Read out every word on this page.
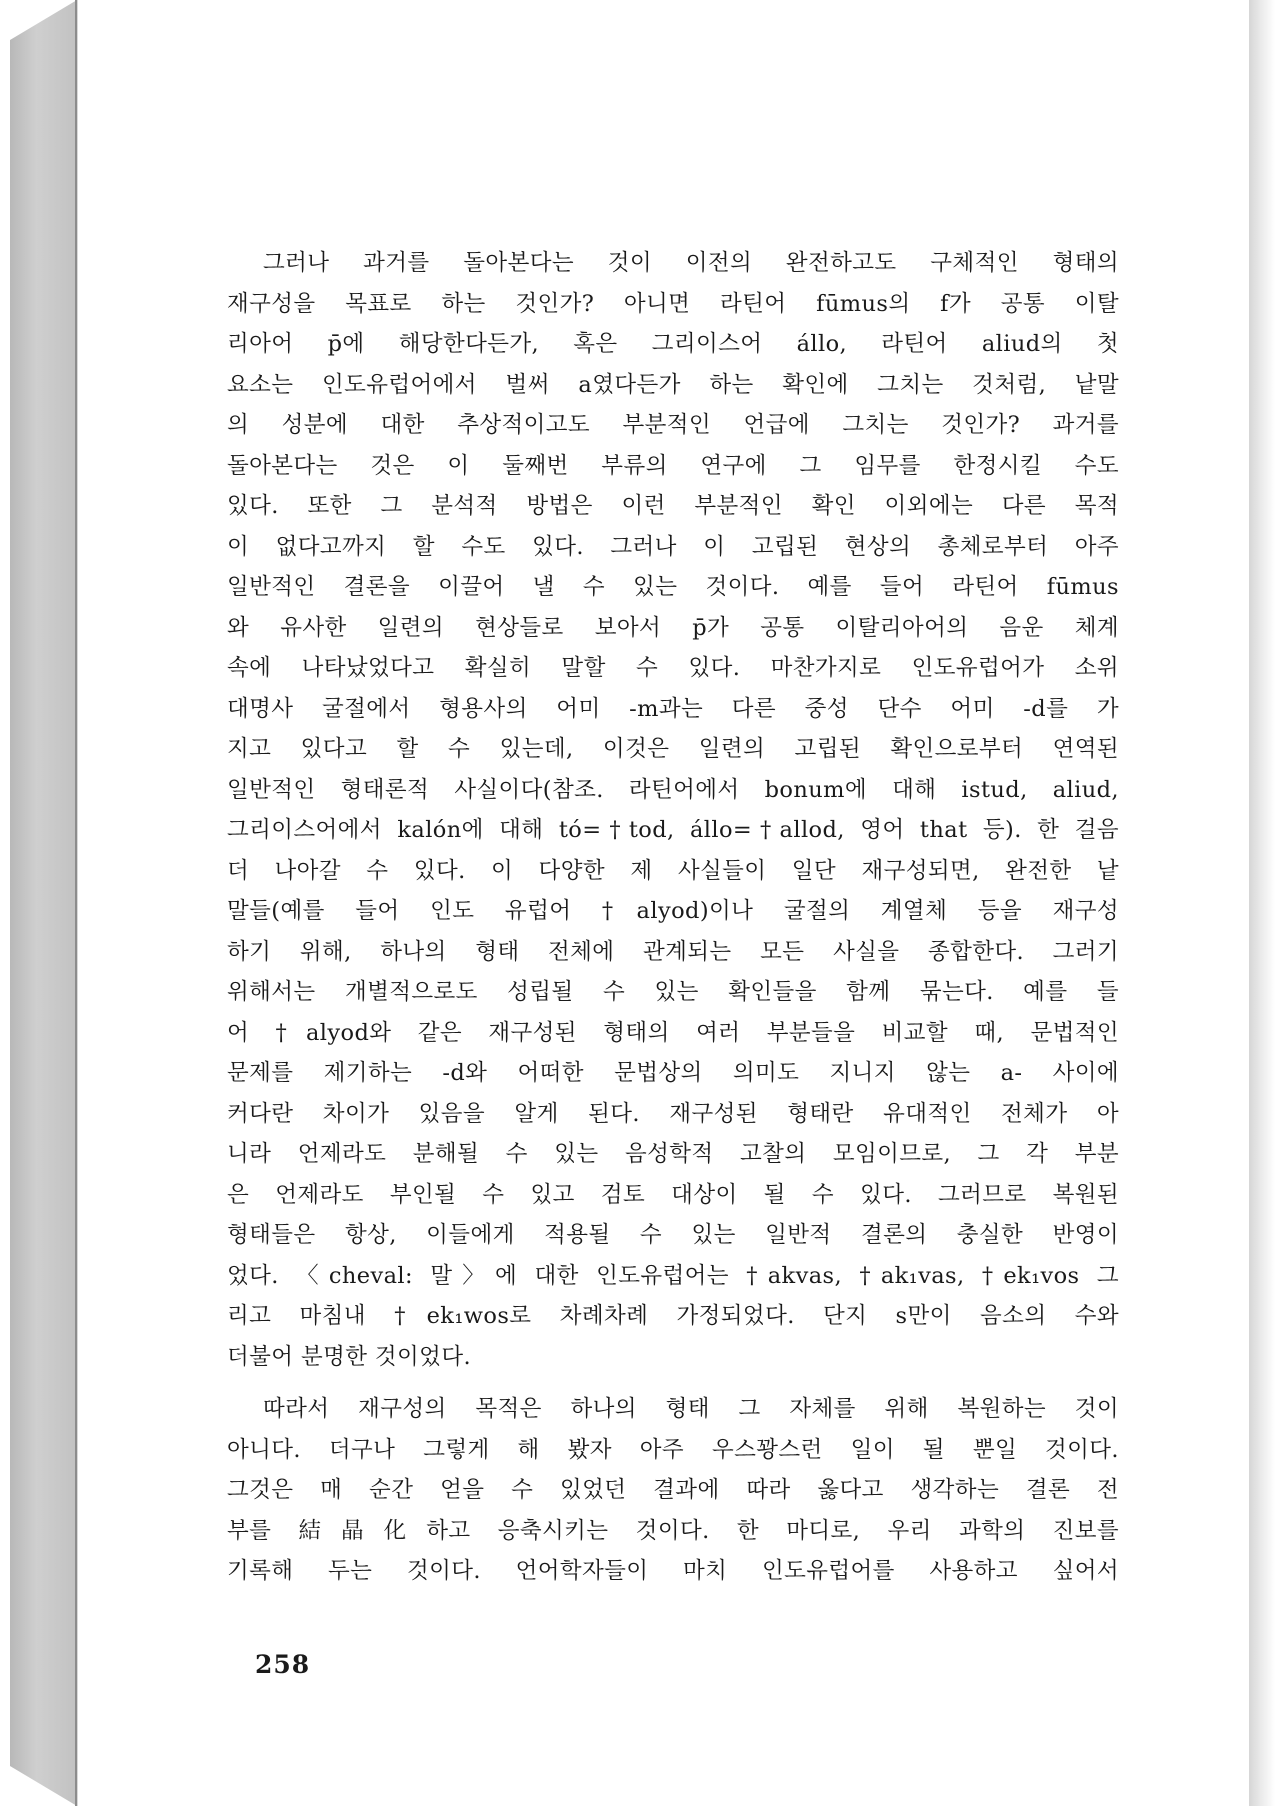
그러나 과거를 돌아본다는 것이 이전의 완전하고도 구체적인 형태의
재구성을 목표로 하는 것인가? 아니면 라틴어 fūmus의 f가 공통 이탈
리아어 p̄에 해당한다든가, 혹은 그리이스어 állo, 라틴어 aliud의 첫
요소는 인도유럽어에서 벌써 a였다든가 하는 확인에 그치는 것처럼, 낱말
의 성분에 대한 추상적이고도 부분적인 언급에 그치는 것인가? 과거를
돌아본다는 것은 이 둘째번 부류의 연구에 그 임무를 한정시킬 수도
있다. 또한 그 분석적 방법은 이런 부분적인 확인 이외에는 다른 목적
이 없다고까지 할 수도 있다. 그러나 이 고립된 현상의 총체로부터 아주
일반적인 결론을 이끌어 낼 수 있는 것이다. 예를 들어 라틴어 fūmus
와 유사한 일련의 현상들로 보아서 p̄가 공통 이탈리아어의 음운 체계
속에 나타났었다고 확실히 말할 수 있다. 마찬가지로 인도유럽어가 소위
대명사 굴절에서 형용사의 어미 -m과는 다른 중성 단수 어미 -d를 가
지고 있다고 할 수 있는데, 이것은 일련의 고립된 확인으로부터 연역된
일반적인 형태론적 사실이다(참조. 라틴어에서 bonum에 대해 istud, aliud,
그리이스어에서 kalón에 대해 tó=†tod, állo=†allod, 영어 that 등). 한 걸음
더 나아갈 수 있다. 이 다양한 제 사실들이 일단 재구성되면, 완전한 낱
말들(예를 들어 인도 유럽어 †alyod)이나 굴절의 계열체 등을 재구성
하기 위해, 하나의 형태 전체에 관계되는 모든 사실을 종합한다. 그러기
위해서는 개별적으로도 성립될 수 있는 확인들을 함께 묶는다. 예를 들
어 †alyod와 같은 재구성된 형태의 여러 부분들을 비교할 때, 문법적인
문제를 제기하는 -d와 어떠한 문법상의 의미도 지니지 않는 a- 사이에
커다란 차이가 있음을 알게 된다. 재구성된 형태란 유대적인 전체가 아
니라 언제라도 분해될 수 있는 음성학적 고찰의 모임이므로, 그 각 부분
은 언제라도 부인될 수 있고 검토 대상이 될 수 있다. 그러므로 복원된
형태들은 항상, 이들에게 적용될 수 있는 일반적 결론의 충실한 반영이
었다. 〈cheval: 말〉에 대한 인도유럽어는 †akvas, †ak₁vas, †ek₁vos 그
리고 마침내 †ek₁wos로 차례차례 가정되었다. 단지 s만이 음소의 수와
더불어 분명한 것이었다.
따라서 재구성의 목적은 하나의 형태 그 자체를 위해 복원하는 것이
아니다. 더구나 그렇게 해 봤자 아주 우스꽝스런 일이 될 뿐일 것이다.
그것은 매 순간 얻을 수 있었던 결과에 따라 옳다고 생각하는 결론 전
부를 結晶化하고 응축시키는 것이다. 한 마디로, 우리 과학의 진보를
기록해 두는 것이다. 언어학자들이 마치 인도유럽어를 사용하고 싶어서
258
